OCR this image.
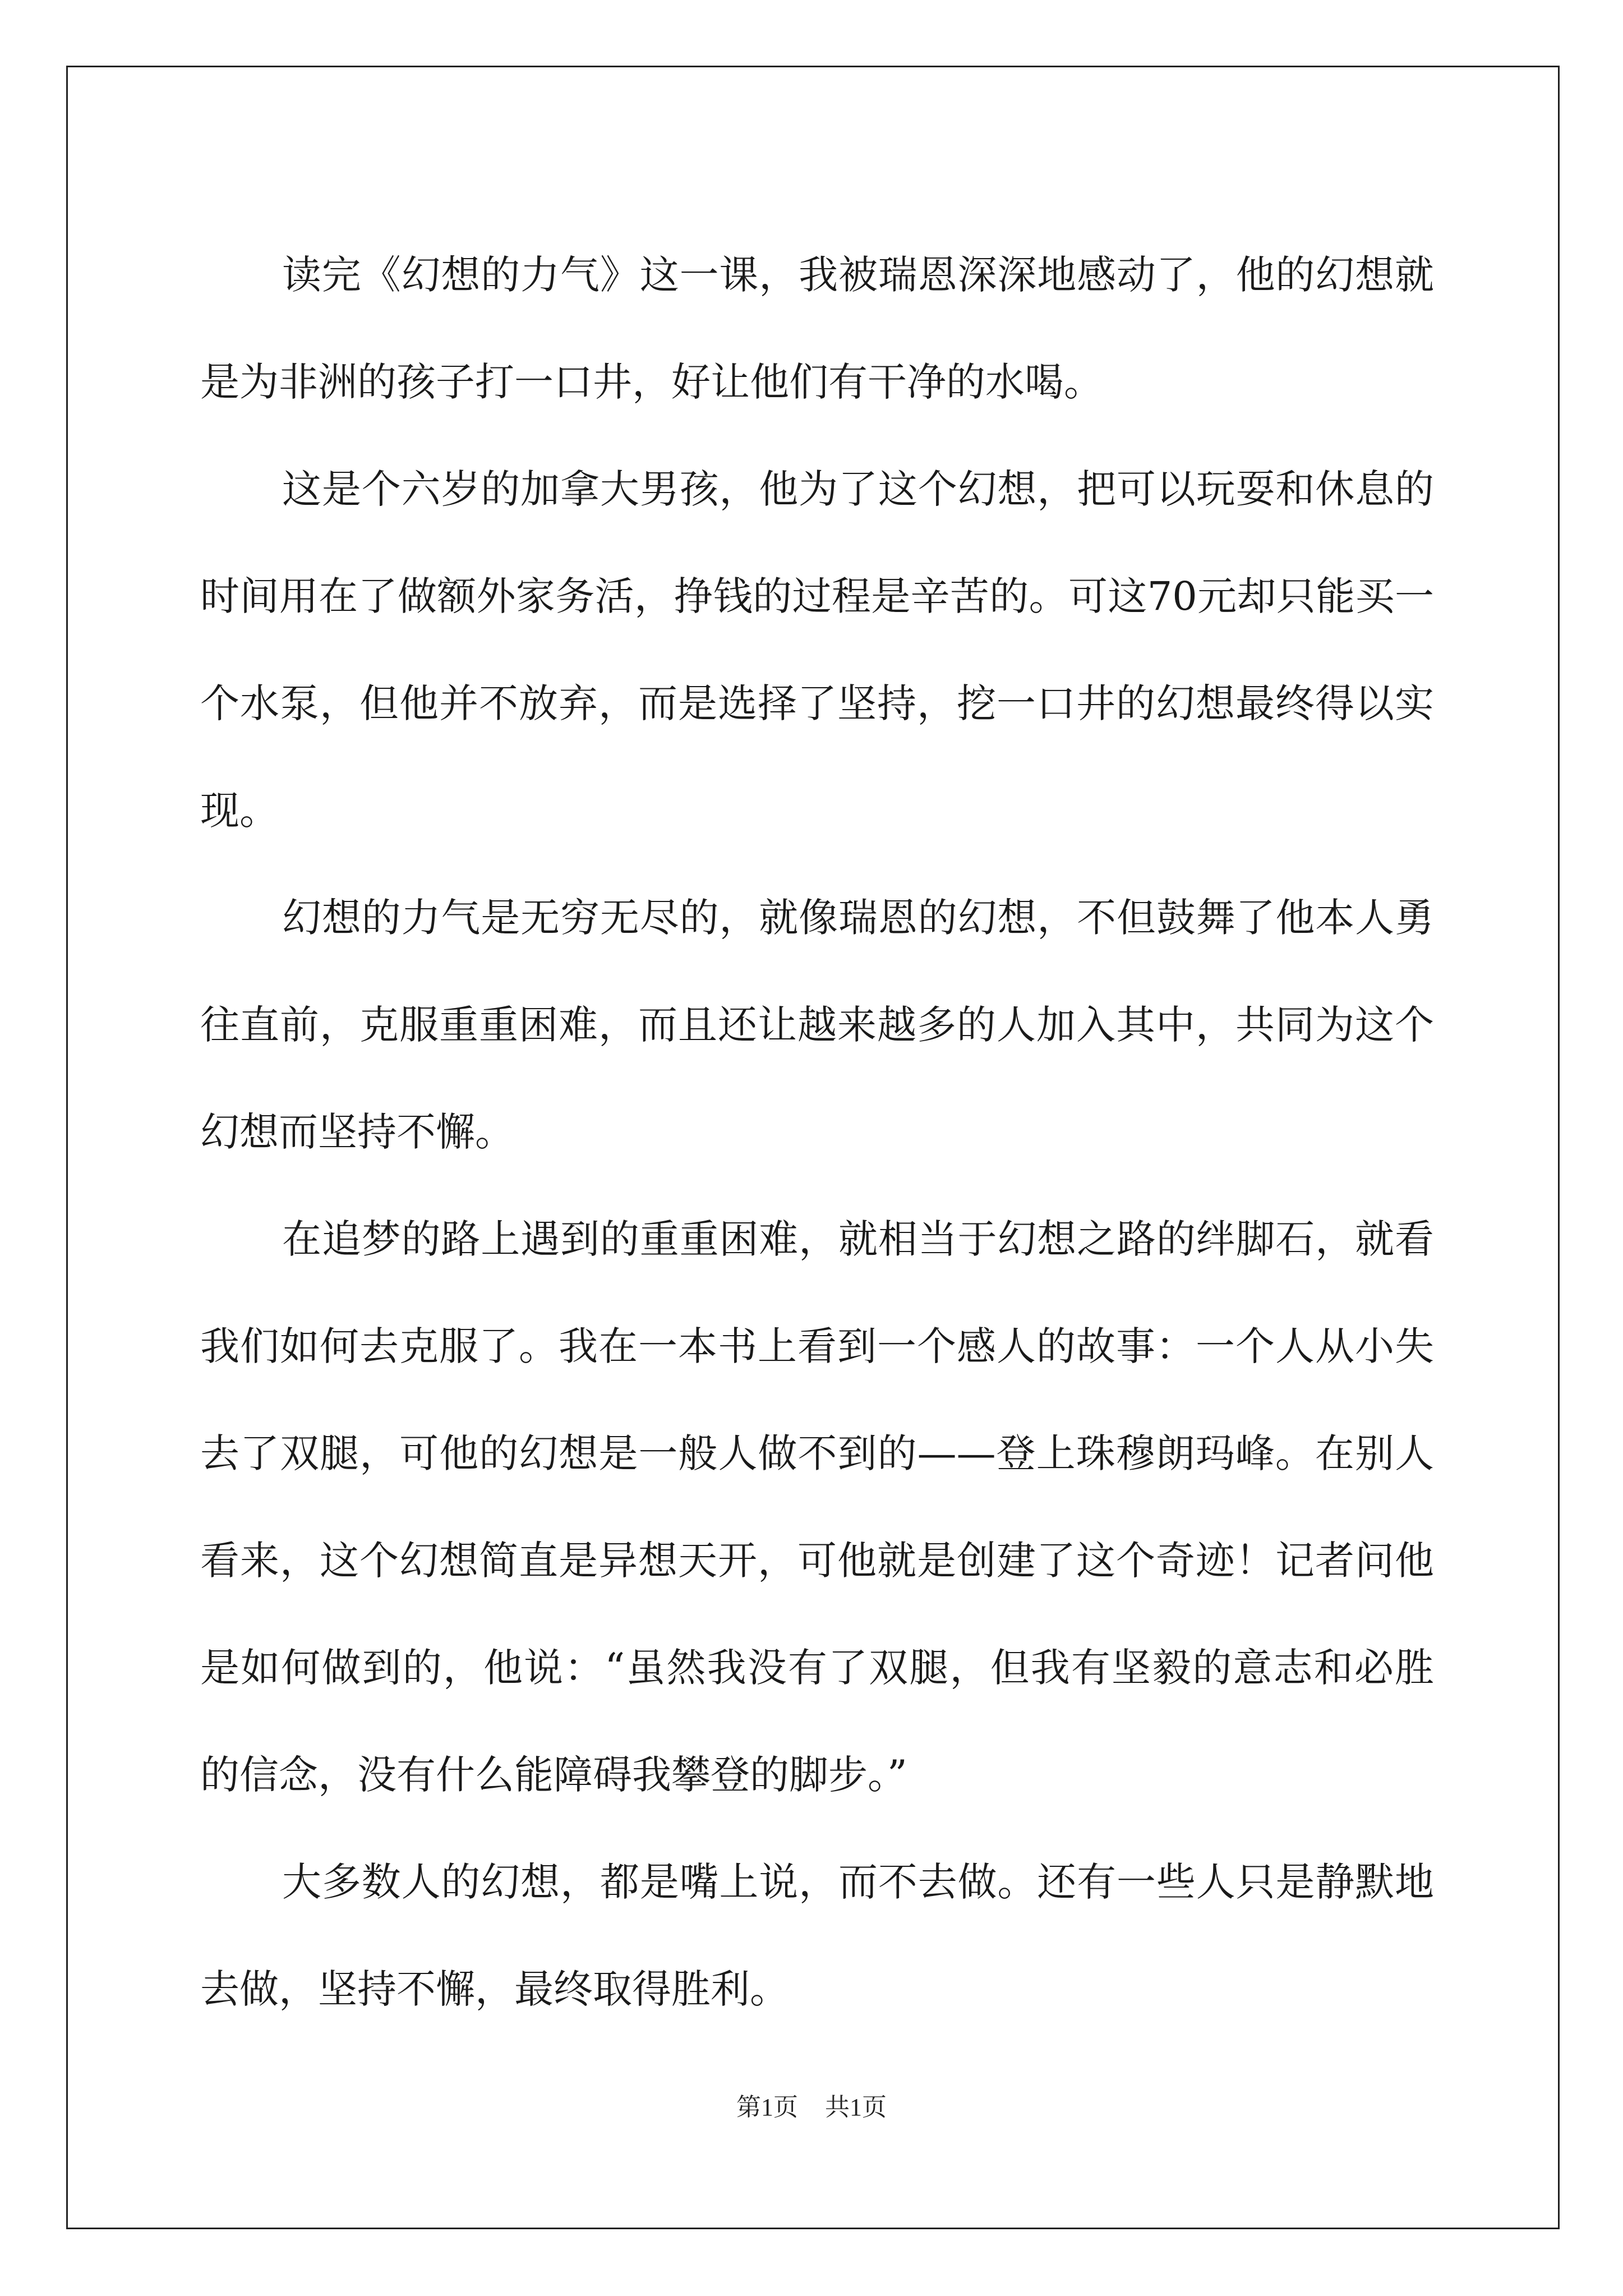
读完《幻想的力气》这一课，我被瑞恩深深地感动了，他的幻想就是为非洲的孩子打一口井，好让他们有干净的水喝。

这是个六岁的加拿大男孩，他为了这个幻想，把可以玩耍和休息的时间用在了做额外家务活，挣钱的过程是辛苦的。可这70元却只能买一个水泵，但他并不放弃，而是选择了坚持，挖一口井的幻想最终得以实现。

幻想的力气是无穷无尽的，就像瑞恩的幻想，不但鼓舞了他本人勇往直前，克服重重困难，而且还让越来越多的人加入其中，共同为这个幻想而坚持不懈。

在追梦的路上遇到的重重困难，就相当于幻想之路的绊脚石，就看我们如何去克服了。我在一本书上看到一个感人的故事：一个人从小失去了双腿，可他的幻想是一般人做不到的——登上珠穆朗玛峰。在别人看来，这个幻想简直是异想天开，可他就是创建了这个奇迹！记者问他是如何做到的，他说：“虽然我没有了双腿，但我有坚毅的意志和必胜的信念，没有什么能障碍我攀登的脚步。”

大多数人的幻想，都是嘴上说，而不去做。还有一些人只是静默地去做，坚持不懈，最终取得胜利。

第1页 共1页
